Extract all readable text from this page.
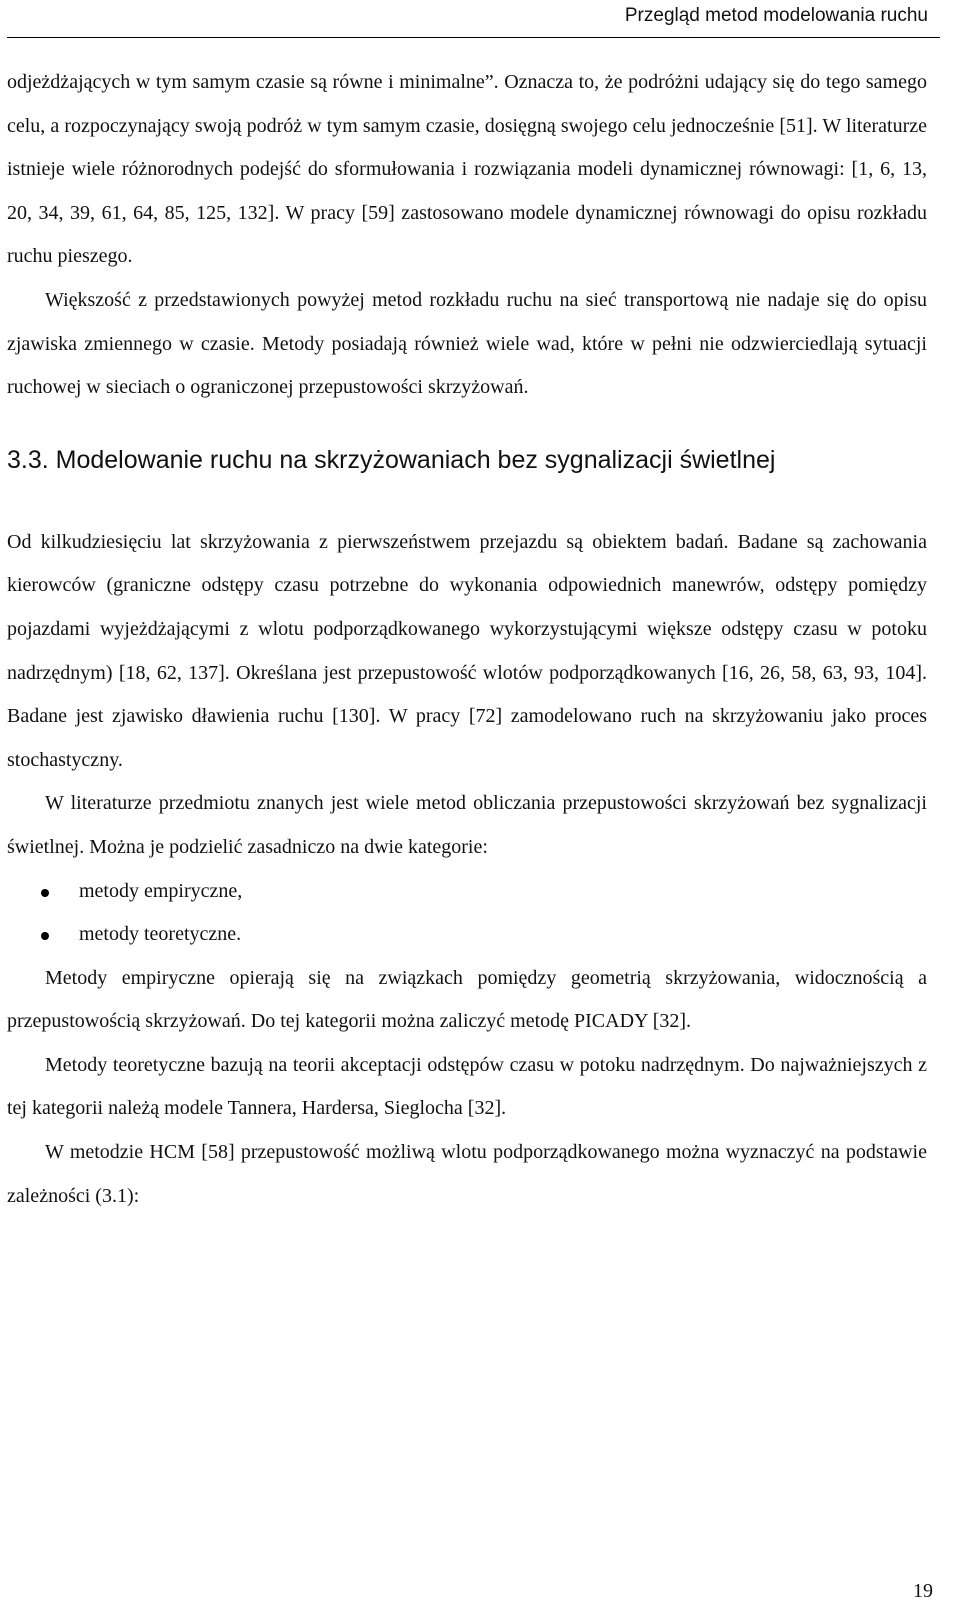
Przegląd metod modelowania ruchu

odjeżdżających w tym samym czasie są równe i minimalne”. Oznacza to, że podróżni udający się do tego samego celu, a rozpoczynający swoją podróż w tym samym czasie, dosięgną swojego celu jednocześnie [51]. W literaturze istnieje wiele różnorodnych podejść do sformułowania i rozwiązania modeli dynamicznej równowagi: [1, 6, 13, 20, 34, 39, 61, 64, 85, 125, 132]. W pracy [59] zastosowano modele dynamicznej równowagi do opisu rozkładu ruchu pieszego.

Większość z przedstawionych powyżej metod rozkładu ruchu na sieć transportową nie nadaje się do opisu zjawiska zmiennego w czasie. Metody posiadają również wiele wad, które w pełni nie odzwierciedlają sytuacji ruchowej w sieciach o ograniczonej przepustowości skrzyżowań.

3.3. Modelowanie ruchu na skrzyżowaniach bez sygnalizacji świetlnej

Od kilkudziesięciu lat skrzyżowania z pierwszeństwem przejazdu są obiektem badań. Badane są zachowania kierowców (graniczne odstępy czasu potrzebne do wykonania odpowiednich manewrów, odstępy pomiędzy pojazdami wyjeżdżającymi z wlotu podporządkowanego wykorzystującymi większe odstępy czasu w potoku nadrzędnym) [18, 62, 137]. Określana jest przepustowość wlotów podporządkowanych [16, 26, 58, 63, 93, 104]. Badane jest zjawisko dławienia ruchu [130]. W pracy [72] zamodelowano ruch na skrzyżowaniu jako proces stochastyczny.

W literaturze przedmiotu znanych jest wiele metod obliczania przepustowości skrzyżowań bez sygnalizacji świetlnej. Można je podzielić zasadniczo na dwie kategorie:

metody empiryczne,
metody teoretyczne.

Metody empiryczne opierają się na związkach pomiędzy geometrią skrzyżowania, widocznością a przepustowością skrzyżowań. Do tej kategorii można zaliczyć metodę PICADY [32].

Metody teoretyczne bazują na teorii akceptacji odstępów czasu w potoku nadrzędnym. Do najważniejszych z tej kategorii należą modele Tannera, Hardersa, Sieglocha [32].

W metodzie HCM [58] przepustowość możliwą wlotu podporządkowanego można wyznaczyć na podstawie zależności (3.1):

19
